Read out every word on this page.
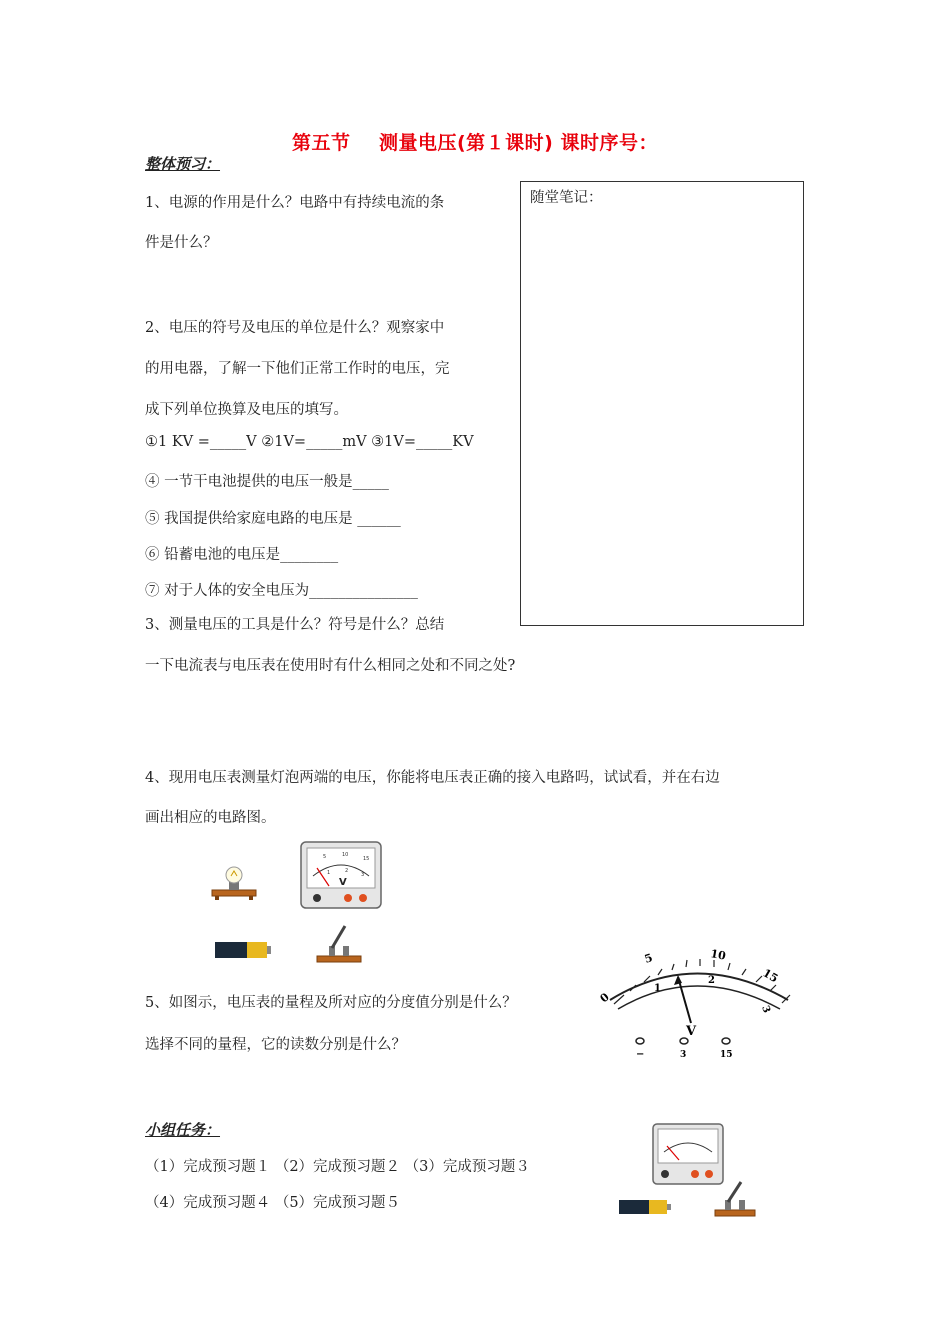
第五节    测量电压(第１课时) 课时序号：
整体预习：
随堂笔记：
1、电源的作用是什么？电路中有持续电流的条
件是什么？
2、电压的符号及电压的单位是什么？观察家中
的用电器，了解一下他们正常工作时的电压，完
成下列单位换算及电压的填写。
①1 KV =_____V ②1V=_____mV ③1V=_____KV
④ 一节干电池提供的电压一般是_____
⑤ 我国提供给家庭电路的电压是 ______
⑥ 铅蓄电池的电压是________
⑦ 对于人体的安全电压为_______________
3、测量电压的工具是什么？符号是什么？总结
一下电流表与电压表在使用时有什么相同之处和不同之处?
4、现用电压表测量灯泡两端的电压，你能将电压表正确的接入电路吗，试试看，并在右边
画出相应的电路图。
V
5	10
15
1	2
3
5、如图示，电压表的量程及所对应的分度值分别是什么？
选择不同的量程，它的读数分别是什么？
0
5	10
15
1
2
3
V
−	3	15
小组任务：
（1）完成预习题１ （2）完成预习题２ （3）完成预习题３
（4）完成预习题４ （5）完成预习题５
